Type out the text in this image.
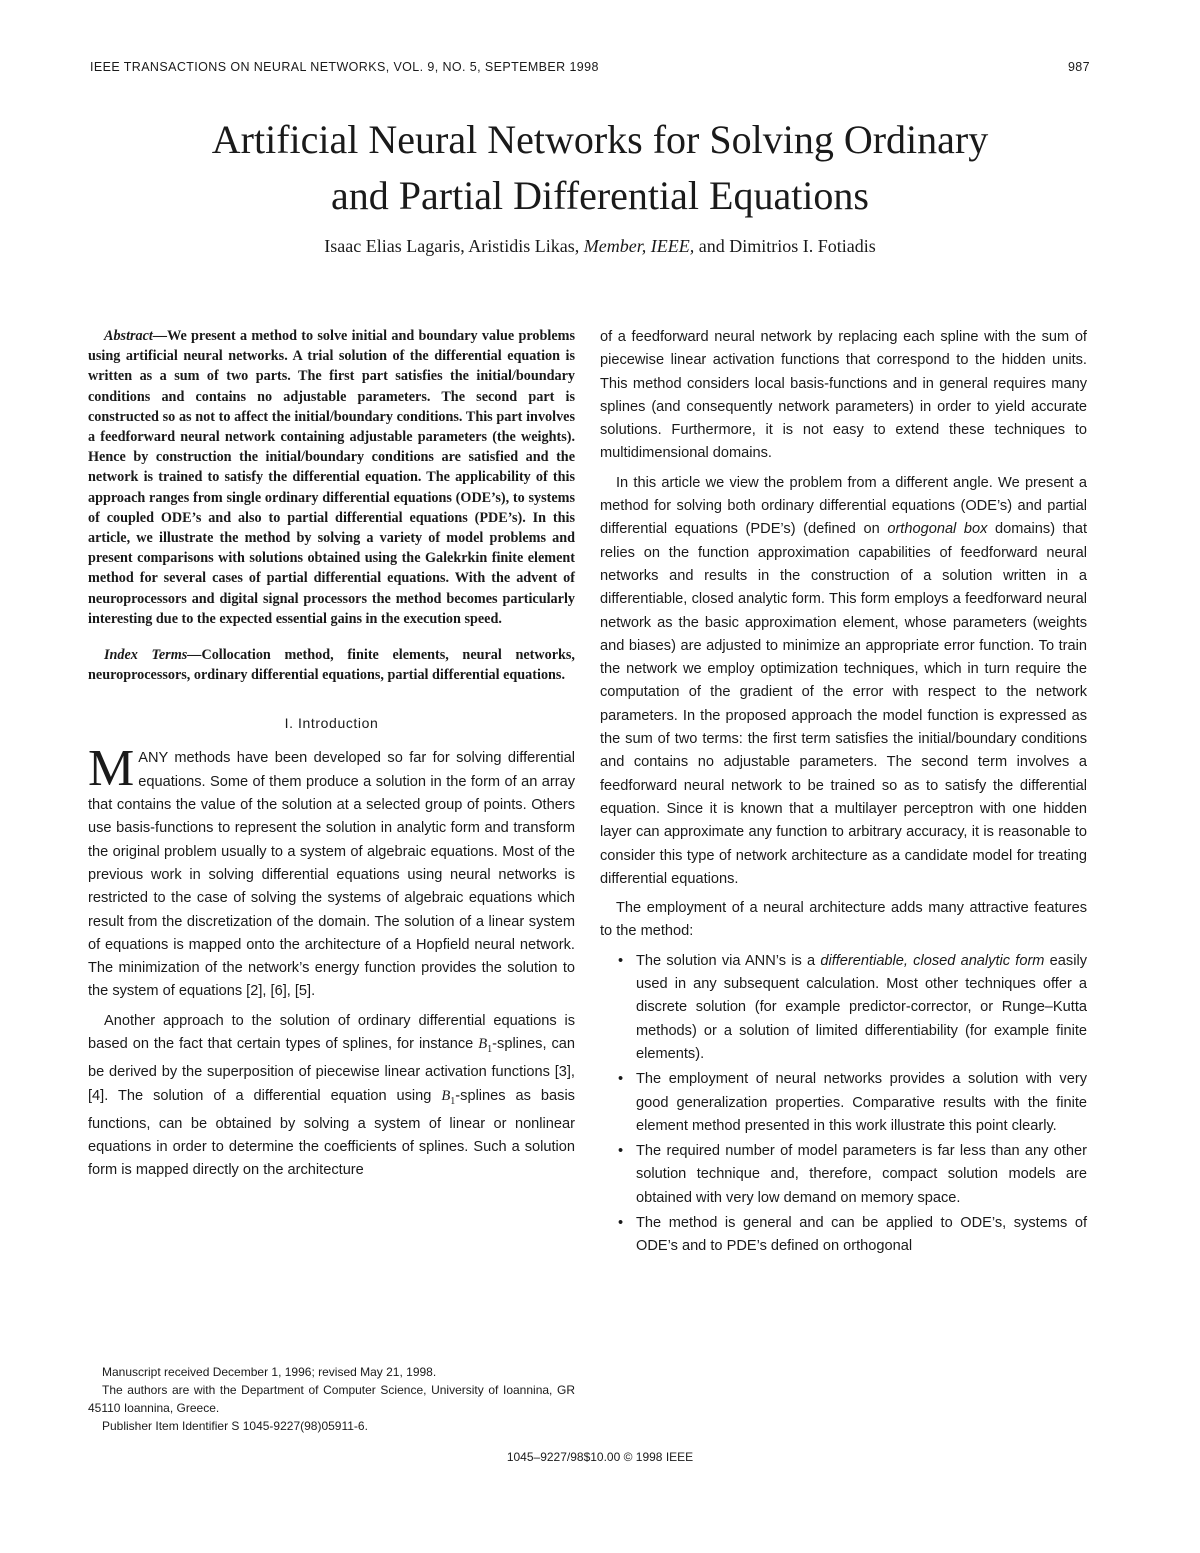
IEEE TRANSACTIONS ON NEURAL NETWORKS, VOL. 9, NO. 5, SEPTEMBER 1998	987
Artificial Neural Networks for Solving Ordinary
and Partial Differential Equations
Isaac Elias Lagaris, Aristidis Likas, Member, IEEE, and Dimitrios I. Fotiadis

Abstract—We present a method to solve initial and boundary value problems using artificial neural networks. A trial solution of the differential equation is written as a sum of two parts. The first part satisfies the initial/boundary conditions and contains no adjustable parameters. The second part is constructed so as not to affect the initial/boundary conditions. This part involves a feedforward neural network containing adjustable parameters (the weights). Hence by construction the initial/boundary conditions are satisfied and the network is trained to satisfy the differential equation. The applicability of this approach ranges from single ordinary differential equations (ODE’s), to systems of coupled ODE’s and also to partial differential equations (PDE’s). In this article, we illustrate the method by solving a variety of model problems and present comparisons with solutions obtained using the Galekrkin finite element method for several cases of partial differential equations. With the advent of neuroprocessors and digital signal processors the method becomes particularly interesting due to the expected essential gains in the execution speed.

Index Terms—Collocation method, finite elements, neural networks, neuroprocessors, ordinary differential equations, partial differential equations.

I. Introduction

MANY methods have been developed so far for solving differential equations. Some of them produce a solution in the form of an array that contains the value of the solution at a selected group of points. Others use basis-functions to represent the solution in analytic form and transform the original problem usually to a system of algebraic equations. Most of the previous work in solving differential equations using neural networks is restricted to the case of solving the systems of algebraic equations which result from the discretization of the domain. The solution of a linear system of equations is mapped onto the architecture of a Hopfield neural network. The minimization of the network’s energy function provides the solution to the system of equations [2], [6], [5].

Another approach to the solution of ordinary differential equations is based on the fact that certain types of splines, for instance $B_1$-splines, can be derived by the superposition of piecewise linear activation functions [3], [4]. The solution of a differential equation using $B_1$-splines as basis functions, can be obtained by solving a system of linear or nonlinear equations in order to determine the coefficients of splines. Such a solution form is mapped directly on the architecture

of a feedforward neural network by replacing each spline with the sum of piecewise linear activation functions that correspond to the hidden units. This method considers local basis-functions and in general requires many splines (and consequently network parameters) in order to yield accurate solutions. Furthermore, it is not easy to extend these techniques to multidimensional domains.

In this article we view the problem from a different angle. We present a method for solving both ordinary differential equations (ODE’s) and partial differential equations (PDE’s) (defined on orthogonal box domains) that relies on the function approximation capabilities of feedforward neural networks and results in the construction of a solution written in a differentiable, closed analytic form. This form employs a feedforward neural network as the basic approximation element, whose parameters (weights and biases) are adjusted to minimize an appropriate error function. To train the network we employ optimization techniques, which in turn require the computation of the gradient of the error with respect to the network parameters. In the proposed approach the model function is expressed as the sum of two terms: the first term satisfies the initial/boundary conditions and contains no adjustable parameters. The second term involves a feedforward neural network to be trained so as to satisfy the differential equation. Since it is known that a multilayer perceptron with one hidden layer can approximate any function to arbitrary accuracy, it is reasonable to consider this type of network architecture as a candidate model for treating differential equations.

The employment of a neural architecture adds many attractive features to the method:

• The solution via ANN’s is a differentiable, closed analytic form easily used in any subsequent calculation. Most other techniques offer a discrete solution (for example predictor-corrector, or Runge–Kutta methods) or a solution of limited differentiability (for example finite elements).
• The employment of neural networks provides a solution with very good generalization properties. Comparative results with the finite element method presented in this work illustrate this point clearly.
• The required number of model parameters is far less than any other solution technique and, therefore, compact solution models are obtained with very low demand on memory space.
• The method is general and can be applied to ODE’s, systems of ODE’s and to PDE’s defined on orthogonal

Manuscript received December 1, 1996; revised May 21, 1998.

The authors are with the Department of Computer Science, University of Ioannina, GR 45110 Ioannina, Greece.

Publisher Item Identifier S 1045-9227(98)05911-6.

1045–9227/98$10.00 © 1998 IEEE
